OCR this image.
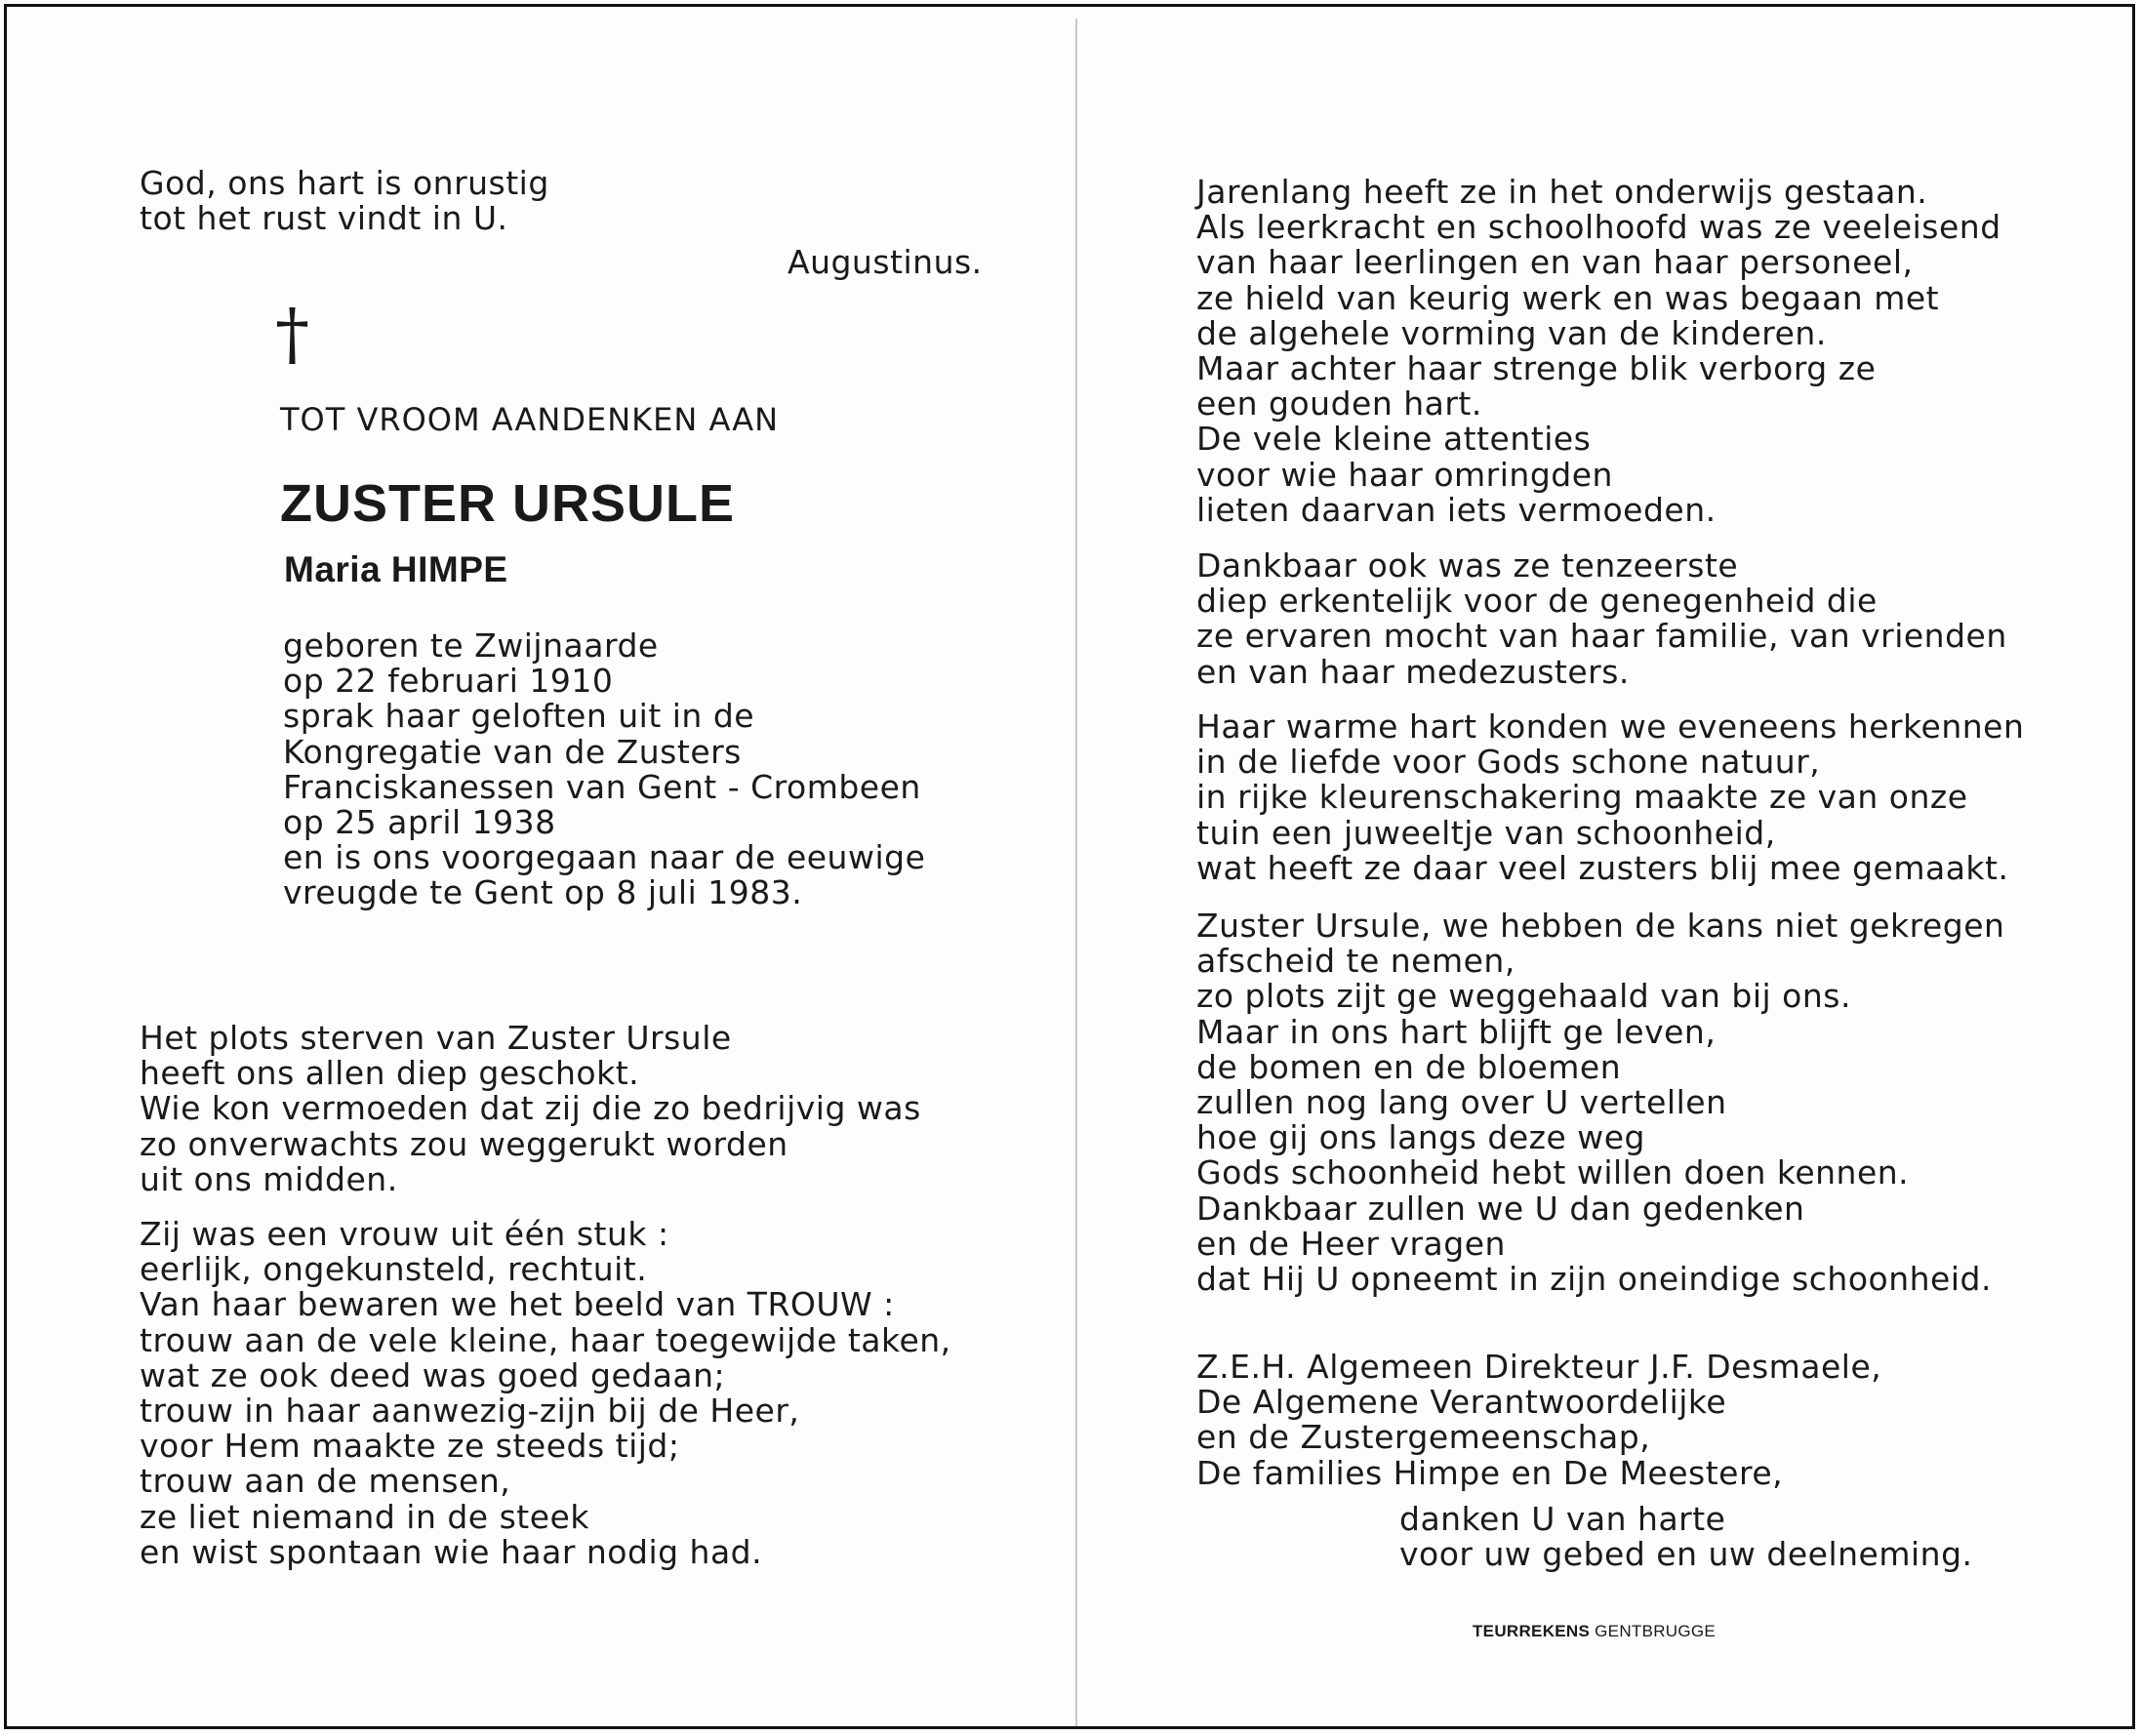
God, ons hart is onrustig
tot het rust vindt in U.
Augustinus.
†
TOT VROOM AANDENKEN AAN
ZUSTER URSULE
Maria HIMPE
geboren te Zwijnaarde
op 22 februari 1910
sprak haar geloften uit in de
Kongregatie van de Zusters
Franciskanessen van Gent - Crombeen
op 25 april 1938
en is ons voorgegaan naar de eeuwige
vreugde te Gent op 8 juli 1983.
Het plots sterven van Zuster Ursule
heeft ons allen diep geschokt.
Wie kon vermoeden dat zij die zo bedrijvig was
zo onverwachts zou weggerukt worden
uit ons midden.
Zij was een vrouw uit één stuk :
eerlijk, ongekunsteld, rechtuit.
Van haar bewaren we het beeld van TROUW :
trouw aan de vele kleine, haar toegewijde taken,
wat ze ook deed was goed gedaan;
trouw in haar aanwezig-zijn bij de Heer,
voor Hem maakte ze steeds tijd;
trouw aan de mensen,
ze liet niemand in de steek
en wist spontaan wie haar nodig had.
Jarenlang heeft ze in het onderwijs gestaan.
Als leerkracht en schoolhoofd was ze veeleisend
van haar leerlingen en van haar personeel,
ze hield van keurig werk en was begaan met
de algehele vorming van de kinderen.
Maar achter haar strenge blik verborg ze
een gouden hart.
De vele kleine attenties
voor wie haar omringden
lieten daarvan iets vermoeden.
Dankbaar ook was ze tenzeerste
diep erkentelijk voor de genegenheid die
ze ervaren mocht van haar familie, van vrienden
en van haar medezusters.
Haar warme hart konden we eveneens herkennen
in de liefde voor Gods schone natuur,
in rijke kleurenschakering maakte ze van onze
tuin een juweeltje van schoonheid,
wat heeft ze daar veel zusters blij mee gemaakt.
Zuster Ursule, we hebben de kans niet gekregen
afscheid te nemen,
zo plots zijt ge weggehaald van bij ons.
Maar in ons hart blijft ge leven,
de bomen en de bloemen
zullen nog lang over U vertellen
hoe gij ons langs deze weg
Gods schoonheid hebt willen doen kennen.
Dankbaar zullen we U dan gedenken
en de Heer vragen
dat Hij U opneemt in zijn oneindige schoonheid.
Z.E.H. Algemeen Direkteur J.F. Desmaele,
De Algemene Verantwoordelijke
en de Zustergemeenschap,
De families Himpe en De Meestere,
danken U van harte
voor uw gebed en uw deelneming.
TEURREKENS GENTBRUGGE
